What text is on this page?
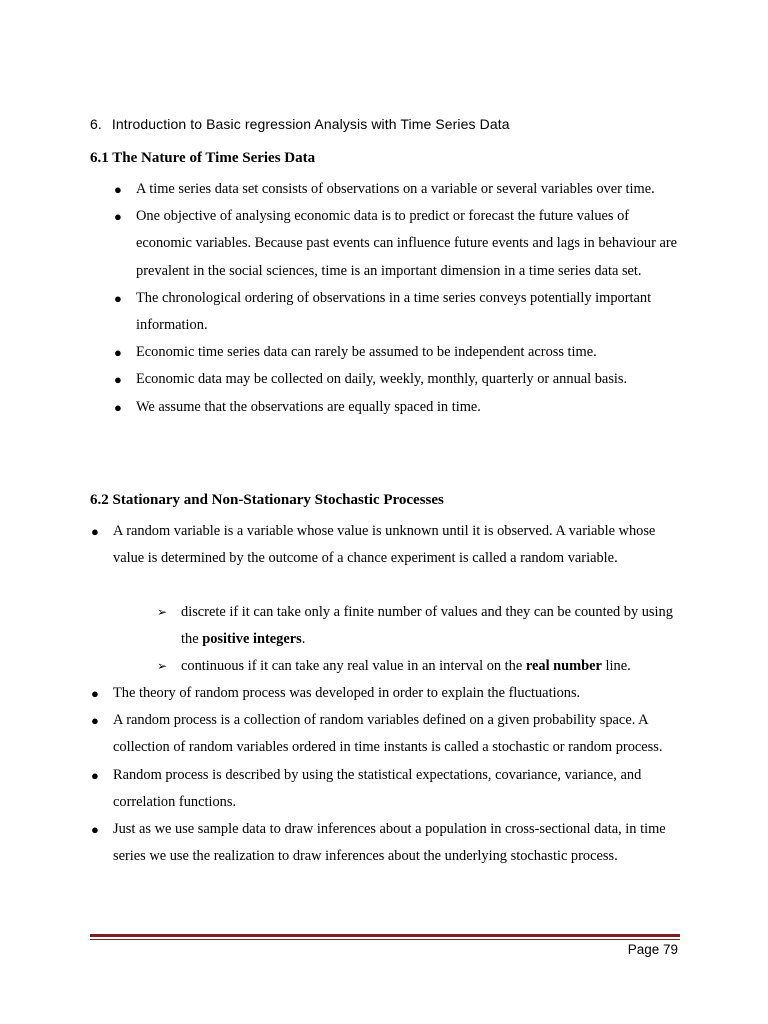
6. Introduction to Basic regression Analysis with Time Series Data
6.1 The Nature of Time Series Data
● A time series data set consists of observations on a variable or several variables over time.
● One objective of analysing economic data is to predict or forecast the future values of economic variables. Because past events can influence future events and lags in behaviour are prevalent in the social sciences, time is an important dimension in a time series data set.
● The chronological ordering of observations in a time series conveys potentially important information.
● Economic time series data can rarely be assumed to be independent across time.
● Economic data may be collected on daily, weekly, monthly, quarterly or annual basis.
● We assume that the observations are equally spaced in time.
6.2 Stationary and Non-Stationary Stochastic Processes
● A random variable is a variable whose value is unknown until it is observed. A variable whose value is determined by the outcome of a chance experiment is called a random variable.
➢ discrete if it can take only a finite number of values and they can be counted by using the positive integers.
➢ continuous if it can take any real value in an interval on the real number line.
● The theory of random process was developed in order to explain the fluctuations.
● A random process is a collection of random variables defined on a given probability space. A collection of random variables ordered in time instants is called a stochastic or random process.
● Random process is described by using the statistical expectations, covariance, variance, and correlation functions.
● Just as we use sample data to draw inferences about a population in cross-sectional data, in time series we use the realization to draw inferences about the underlying stochastic process.
Page 79
